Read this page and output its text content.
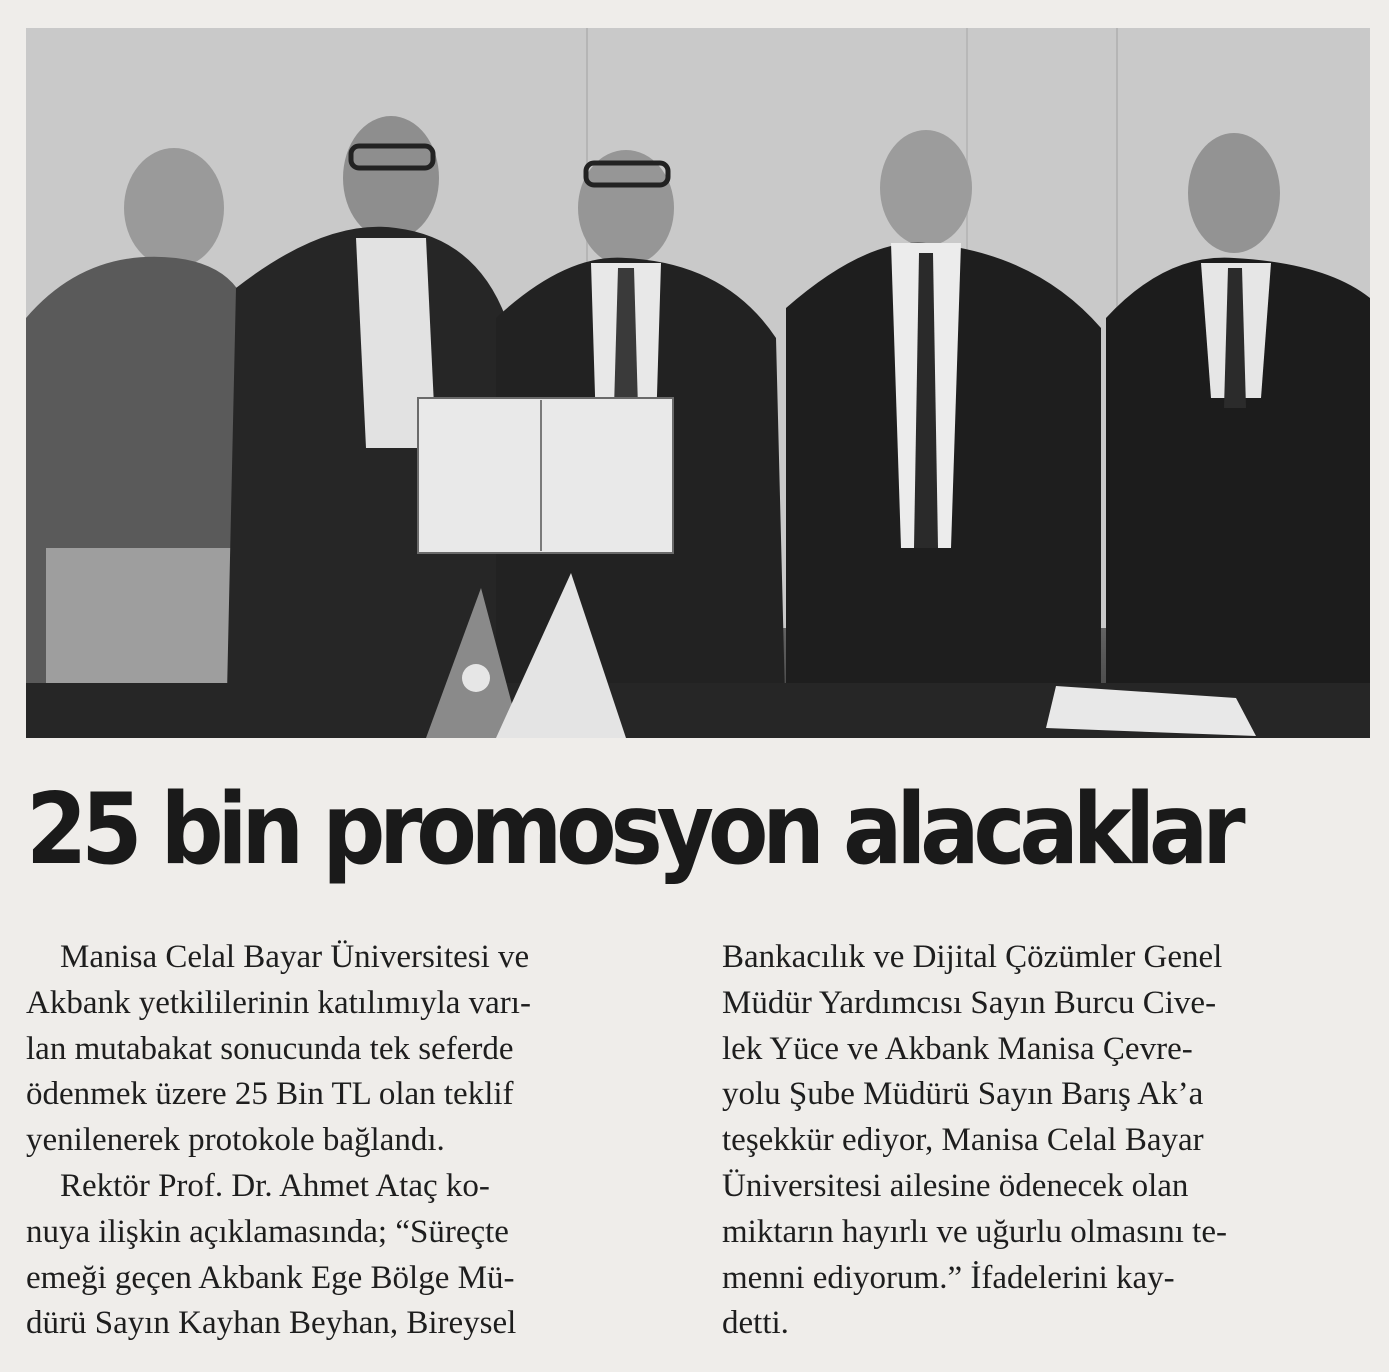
25 bin promosyon alacaklar

Manisa Celal Bayar Üniversitesi ve
Akbank yetkililerinin katılımıyla varı-
lan mutabakat sonucunda tek seferde
ödenmek üzere 25 Bin TL olan teklif
yenilenerek protokole bağlandı.

Rektör Prof. Dr. Ahmet Ataç ko-
nuya ilişkin açıklamasında; “Süreçte
emeği geçen Akbank Ege Bölge Mü-
dürü Sayın Kayhan Beyhan, Bireysel

Bankacılık ve Dijital Çözümler Genel
Müdür Yardımcısı Sayın Burcu Cive-
lek Yüce ve Akbank Manisa Çevre-
yolu Şube Müdürü Sayın Barış Ak’a
teşekkür ediyor, Manisa Celal Bayar
Üniversitesi ailesine ödenecek olan
miktarın hayırlı ve uğurlu olmasını te-
menni ediyorum.” İfadelerini kay-
detti.
